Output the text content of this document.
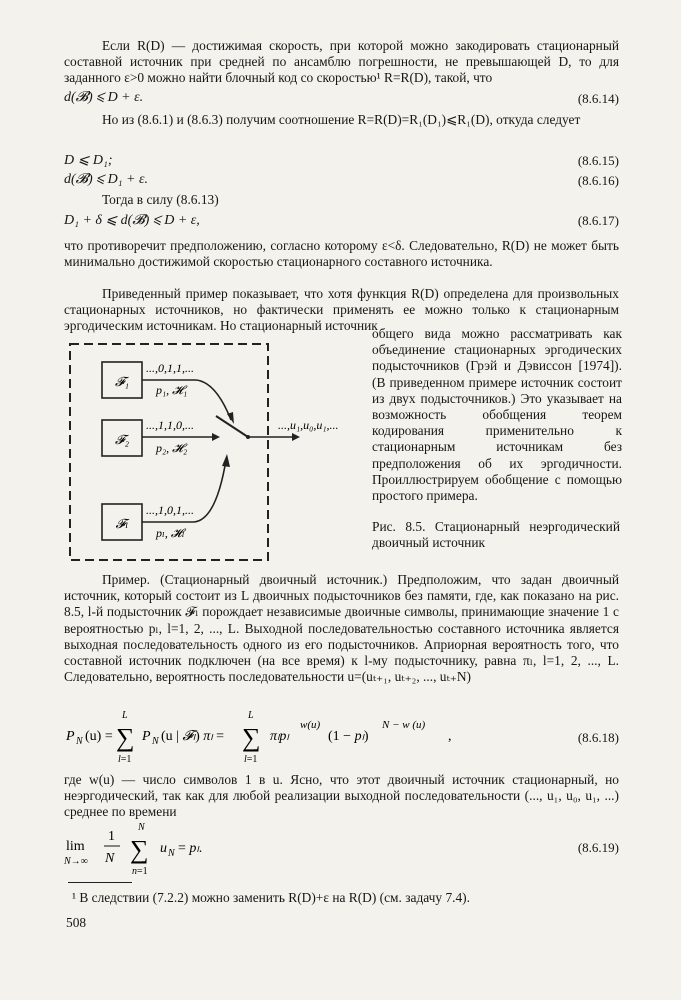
Если R(D) — достижимая скорость, при которой можно закодировать стационарный составной источник при средней по ансамблю погрешности, не превышающей D, то для заданного ε>0 можно найти блочный код со скоростью¹ R=R(D), такой, что

d(𝓑) ⩽ D + ε.	(8.6.14)

Но из (8.6.1) и (8.6.3) получим соотношение R=R(D)=R₁(D₁)⩽R₁(D), откуда следует

D ⩽ D₁;	(8.6.15)
d(𝓑) ⩽ D₁ + ε.	(8.6.16)

Тогда в силу (8.6.13)

D₁ + δ ⩽ d(𝓑) ⩽ D + ε,	(8.6.17)

что противоречит предположению, согласно которому ε<δ. Следовательно, R(D) не может быть минимально достижимой скоростью стационарного составного источника.

Приведенный пример показывает, что хотя функция R(D) определена для произвольных стационарных источников, но фактически применять ее можно только к стационарным эргодическим источникам. Но стационарный источник

𝓕₁
...,0,1,1,...
p₁, 𝓗₁
𝓕₂
...,1,1,0,...
p₂, 𝓗₂
𝓕ₗ
...,1,0,1,...
pₗ, 𝓗ₗ
...,u₁,u₀,u₁,...

общего вида можно рассматривать как объединение стационарных эргодических подысточников (Грэй и Дэвиссон [1974]). (В приведенном примере источник состоит из двух подысточников.) Это указывает на возможность обобщения теорем кодирования применительно к стационарным источникам без предположения об их эргодичности. Проиллюстрируем обобщение с помощью простого примера.

Рис. 8.5. Стационарный неэргодический двоичный источник

Пример. (Стационарный двоичный источник.) Предположим, что задан двоичный источник, который состоит из L двоичных подысточников без памяти, где, как показано на рис. 8.5, l-й подысточник 𝓕ₗ порождает независимые двоичные символы, принимающие значение 1 с вероятностью pₗ, l=1, 2, ..., L. Выходной последовательностью составного источника является выходная последовательность одного из его подысточников. Априорная вероятность того, что составной источник подключен (на все время) к l-му подысточнику, равна πₗ, l=1, 2, ..., L. Следовательно, вероятность последовательности u=(uₜ₊₁, uₜ₊₂, ..., uₜ₊N)

P N (u) =
L
∑
l=1
P N (u | 𝓕ₗ) πₗ =
L
∑
l=1
πₗpₗ
w(u)
(1 − pₗ)
N − w (u)
,	(8.6.18)

где w(u) — число символов 1 в u. Ясно, что этот двоичный источник стационарный, но неэргодический, так как для любой реализации выходной последовательности (..., u₁, u₀, u₁, ...) среднее по времени

lim
N→∞
1
N
N
∑
n=1
u N = pₗ.	(8.6.19)

¹ В следствии (7.2.2) можно заменить R(D)+ε на R(D) (см. задачу 7.4).

508
